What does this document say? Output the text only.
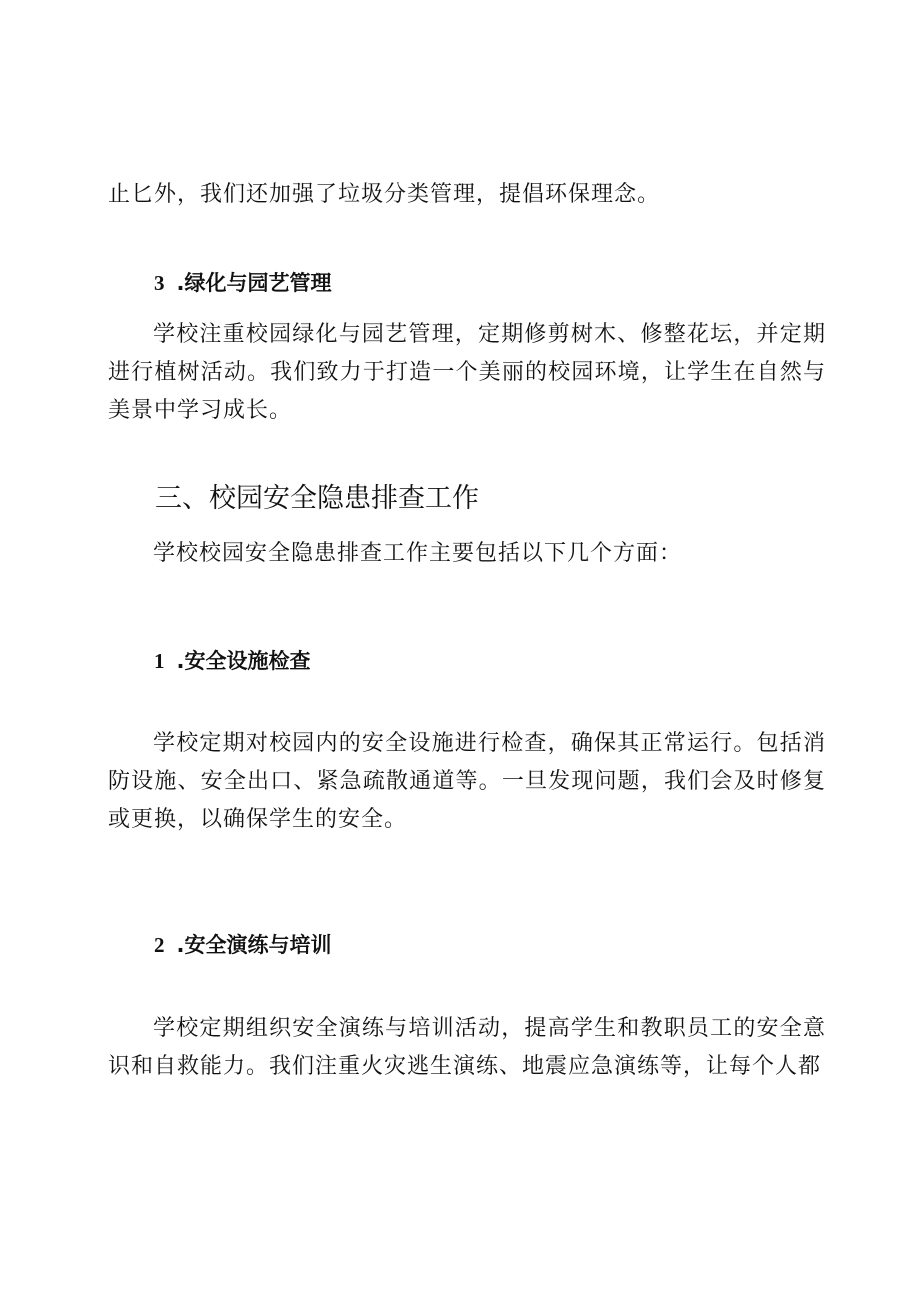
止匕外，我们还加强了垃圾分类管理，提倡环保理念。

3 .绿化与园艺管理

学校注重校园绿化与园艺管理，定期修剪树木、修整花坛，并定期进行植树活动。我们致力于打造一个美丽的校园环境，让学生在自然与美景中学习成长。

三、校园安全隐患排查工作

学校校园安全隐患排查工作主要包括以下几个方面：

1 .安全设施检查

学校定期对校园内的安全设施进行检查，确保其正常运行。包括消防设施、安全出口、紧急疏散通道等。一旦发现问题，我们会及时修复或更换，以确保学生的安全。

2 .安全演练与培训

学校定期组织安全演练与培训活动，提高学生和教职员工的安全意识和自救能力。我们注重火灾逃生演练、地震应急演练等，让每个人都
